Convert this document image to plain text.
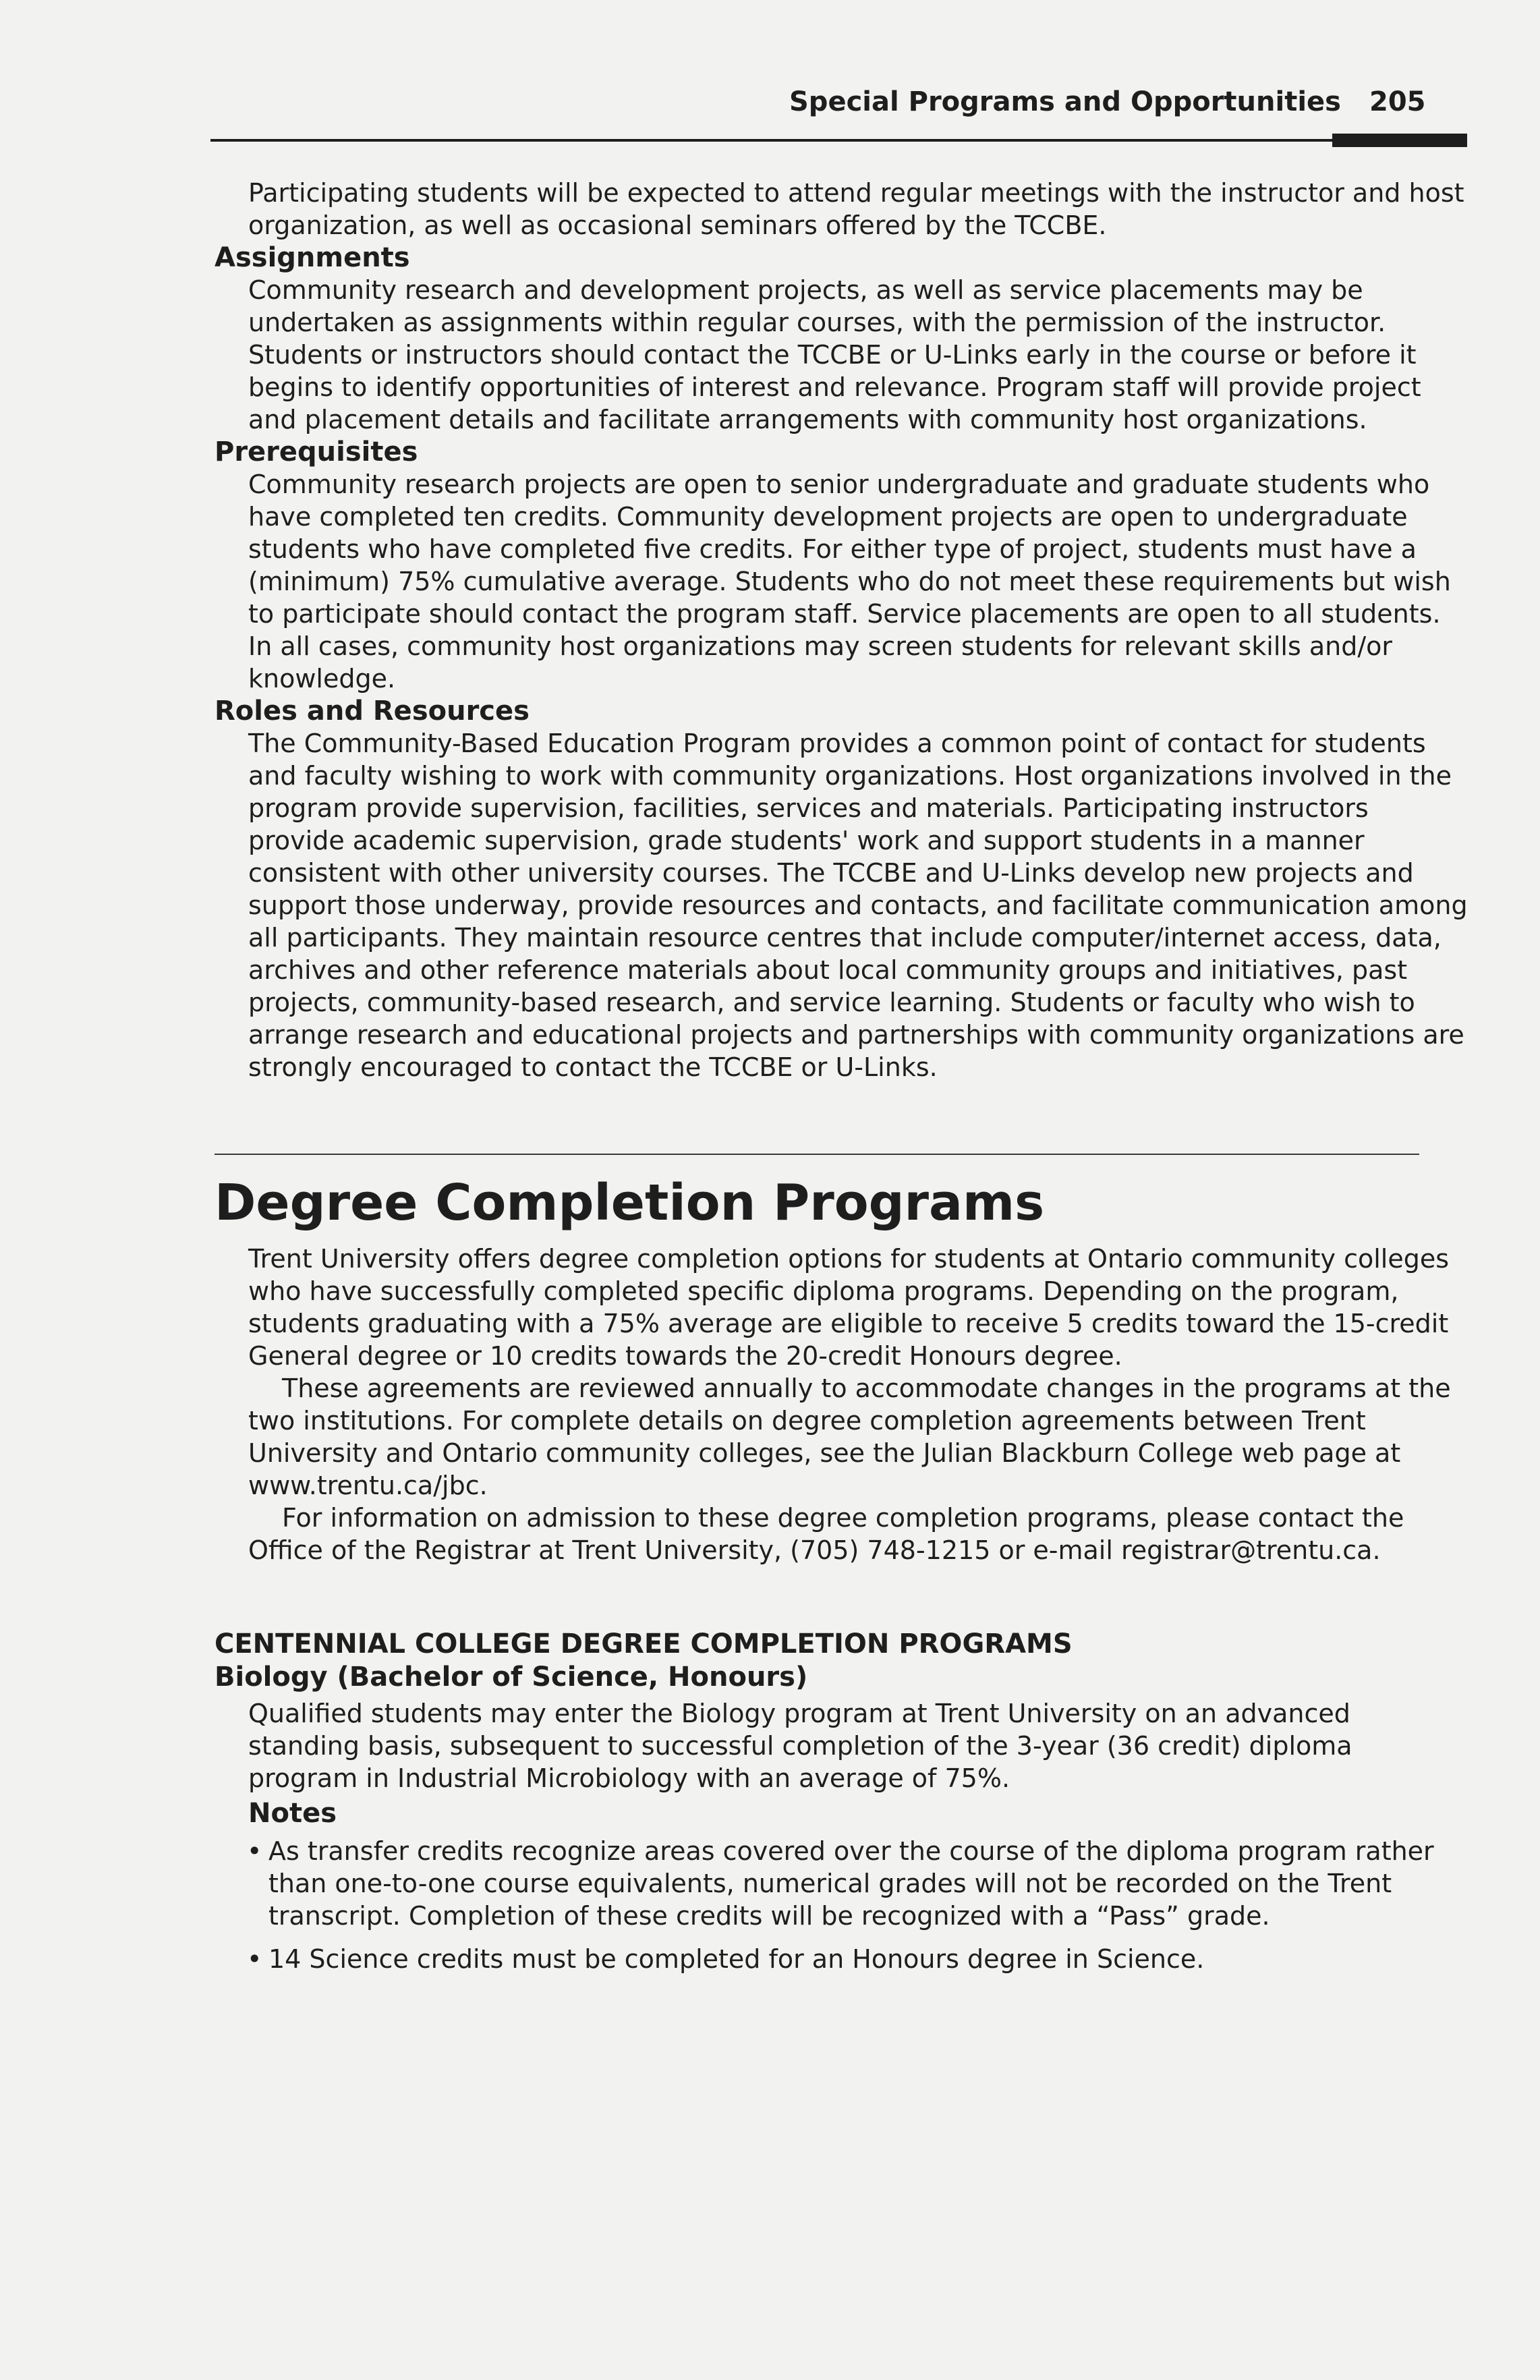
Special Programs and Opportunities 205

Participating students will be expected to attend regular meetings with the instructor and host organization, as well as occasional seminars offered by the TCCBE.

Assignments

Community research and development projects, as well as service placements may be undertaken as assignments within regular courses, with the permission of the instructor. Students or instructors should contact the TCCBE or U-Links early in the course or before it begins to identify opportunities of interest and relevance. Program staff will provide project and placement details and facilitate arrangements with community host organizations.

Prerequisites

Community research projects are open to senior undergraduate and graduate students who have completed ten credits. Community development projects are open to undergraduate students who have completed five credits. For either type of project, students must have a (minimum) 75% cumulative average. Students who do not meet these requirements but wish to participate should contact the program staff. Service placements are open to all students. In all cases, community host organizations may screen students for relevant skills and/or knowledge.

Roles and Resources

The Community-Based Education Program provides a common point of contact for students and faculty wishing to work with community organizations. Host organizations involved in the program provide supervision, facilities, services and materials. Participating instructors provide academic supervision, grade students' work and support students in a manner consistent with other university courses. The TCCBE and U-Links develop new projects and support those underway, provide resources and contacts, and facilitate communication among all participants. They maintain resource centres that include computer/internet access, data, archives and other reference materials about local community groups and initiatives, past projects, community-based research, and service learning. Students or faculty who wish to arrange research and educational projects and partnerships with community organizations are strongly encouraged to contact the TCCBE or U-Links.

Degree Completion Programs

Trent University offers degree completion options for students at Ontario community colleges who have successfully completed specific diploma programs. Depending on the program, students graduating with a 75% average are eligible to receive 5 credits toward the 15-credit General degree or 10 credits towards the 20-credit Honours degree.

These agreements are reviewed annually to accommodate changes in the programs at the two institutions. For complete details on degree completion agreements between Trent University and Ontario community colleges, see the Julian Blackburn College web page at www.trentu.ca/jbc.

For information on admission to these degree completion programs, please contact the Office of the Registrar at Trent University, (705) 748-1215 or e-mail registrar@trentu.ca.

CENTENNIAL COLLEGE DEGREE COMPLETION PROGRAMS
Biology (Bachelor of Science, Honours)

Qualified students may enter the Biology program at Trent University on an advanced standing basis, subsequent to successful completion of the 3-year (36 credit) diploma program in Industrial Microbiology with an average of 75%.

Notes
• As transfer credits recognize areas covered over the course of the diploma program rather than one-to-one course equivalents, numerical grades will not be recorded on the Trent transcript. Completion of these credits will be recognized with a “Pass” grade.
• 14 Science credits must be completed for an Honours degree in Science.
